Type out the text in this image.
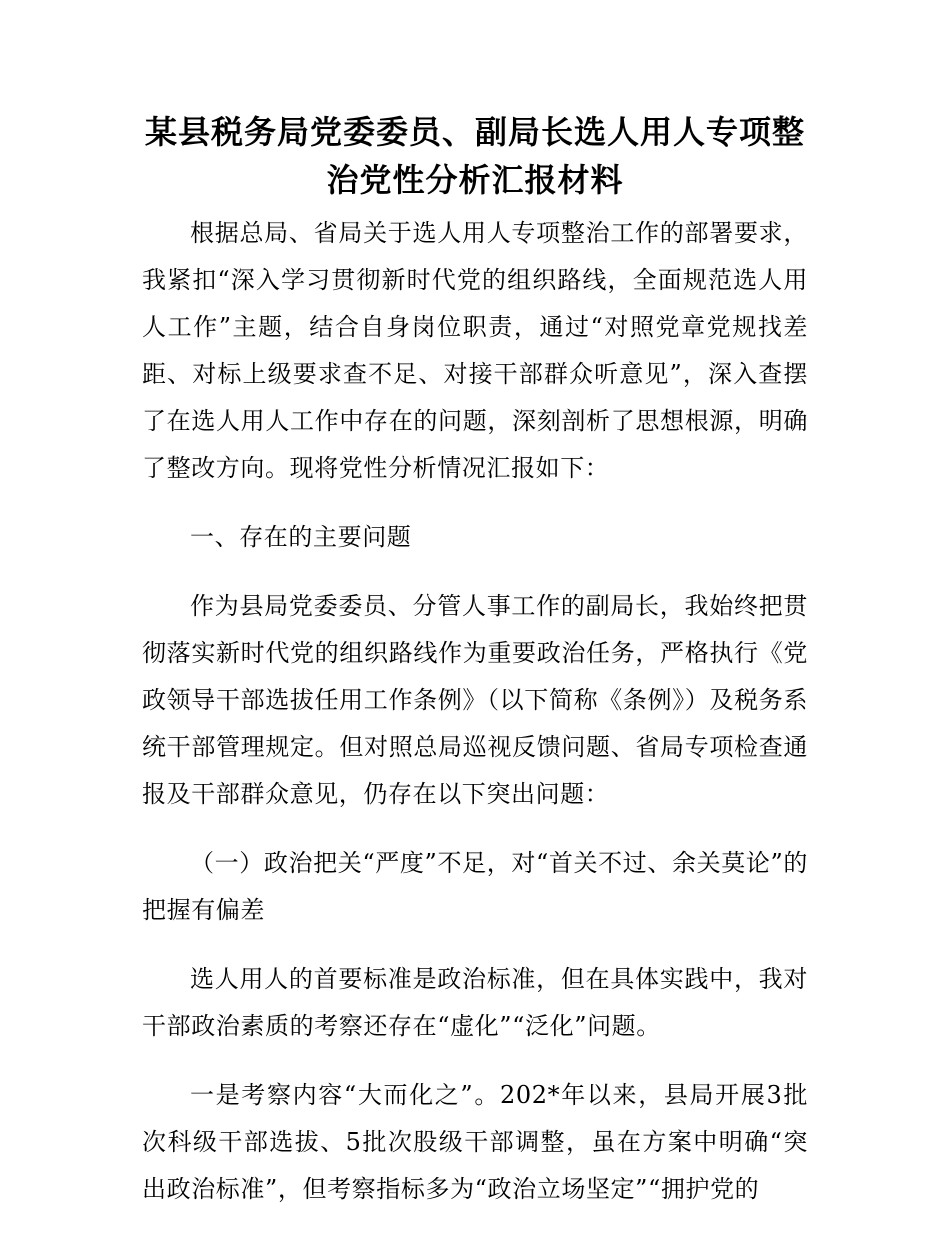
某县税务局党委委员、副局长选人用人专项整治党性分析汇报材料

根据总局、省局关于选人用人专项整治工作的部署要求，我紧扣“深入学习贯彻新时代党的组织路线，全面规范选人用人工作”主题，结合自身岗位职责，通过“对照党章党规找差距、对标上级要求查不足、对接干部群众听意见”，深入查摆了在选人用人工作中存在的问题，深刻剖析了思想根源，明确了整改方向。现将党性分析情况汇报如下：

一、存在的主要问题

作为县局党委委员、分管人事工作的副局长，我始终把贯彻落实新时代党的组织路线作为重要政治任务，严格执行《党政领导干部选拔任用工作条例》（以下简称《条例》）及税务系统干部管理规定。但对照总局巡视反馈问题、省局专项检查通报及干部群众意见，仍存在以下突出问题：

（一）政治把关“严度”不足，对“首关不过、余关莫论”的把握有偏差

选人用人的首要标准是政治标准，但在具体实践中，我对干部政治素质的考察还存在“虚化”“泛化”问题。

一是考察内容“大而化之”。202*年以来，县局开展3批次科级干部选拔、5批次股级干部调整，虽在方案中明确“突出政治标准”，但考察指标多为“政治立场坚定”“拥护党的
